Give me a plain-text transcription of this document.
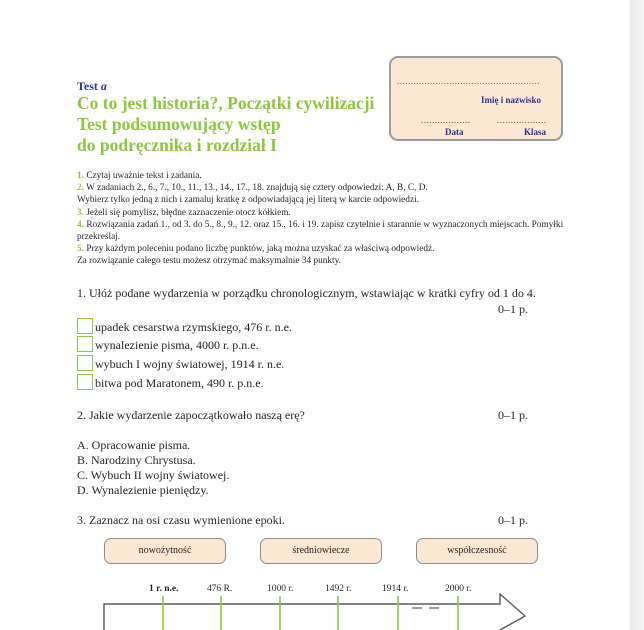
Test a
Co to jest historia?, Początki cywilizacji
Test podsumowujący wstęp
do podręcznika i rozdział I
....................................................
Imię i nazwisko
..................	..................
Data	Klasa
1. Czytaj uważnie tekst i zadania.
2. W zadaniach 2., 6., 7., 10., 11., 13., 14., 17., 18. znajdują się cztery odpowiedzi: A, B, C, D.
Wybierz tylko jedną z nich i zamaluj kratkę z odpowiadającą jej literą w karcie odpowiedzi.
3. Jeżeli się pomylisz, błędne zaznaczenie otocz kółkiem.
4. Rozwiązania zadań 1., od 3. do 5., 8., 9., 12. oraz 15., 16. i 19. zapisz czytelnie i starannie w wyznaczonych miejscach. Pomyłki przekreślaj.
5. Przy każdym poleceniu podano liczbę punktów, jaką można uzyskać za właściwą odpowiedź.
Za rozwiązanie całego testu możesz otrzymać maksymalnie 34 punkty.
1. Ułóż podane wydarzenia w porządku chronologicznym, wstawiając w kratki cyfry od 1 do 4.
0–1 p.
upadek cesarstwa rzymskiego, 476 r. n.e.
wynalezienie pisma, 4000 r. p.n.e.
wybuch I wojny światowej, 1914 r. n.e.
bitwa pod Maratonem, 490 r. p.n.e.
2. Jakie wydarzenie zapoczątkowało naszą erę?	0–1 p.
A. Opracowanie pisma.
B. Narodziny Chrystusa.
C. Wybuch II wojny światowej.
D. Wynalezienie pieniędzy.
3. Zaznacz na osi czasu wymienione epoki.	0–1 p.
nowożytność	średniowiecze	współczesność
1 r. n.e.	476 R.	1000 r.	1492 r.	1914 r.	2000 r.
